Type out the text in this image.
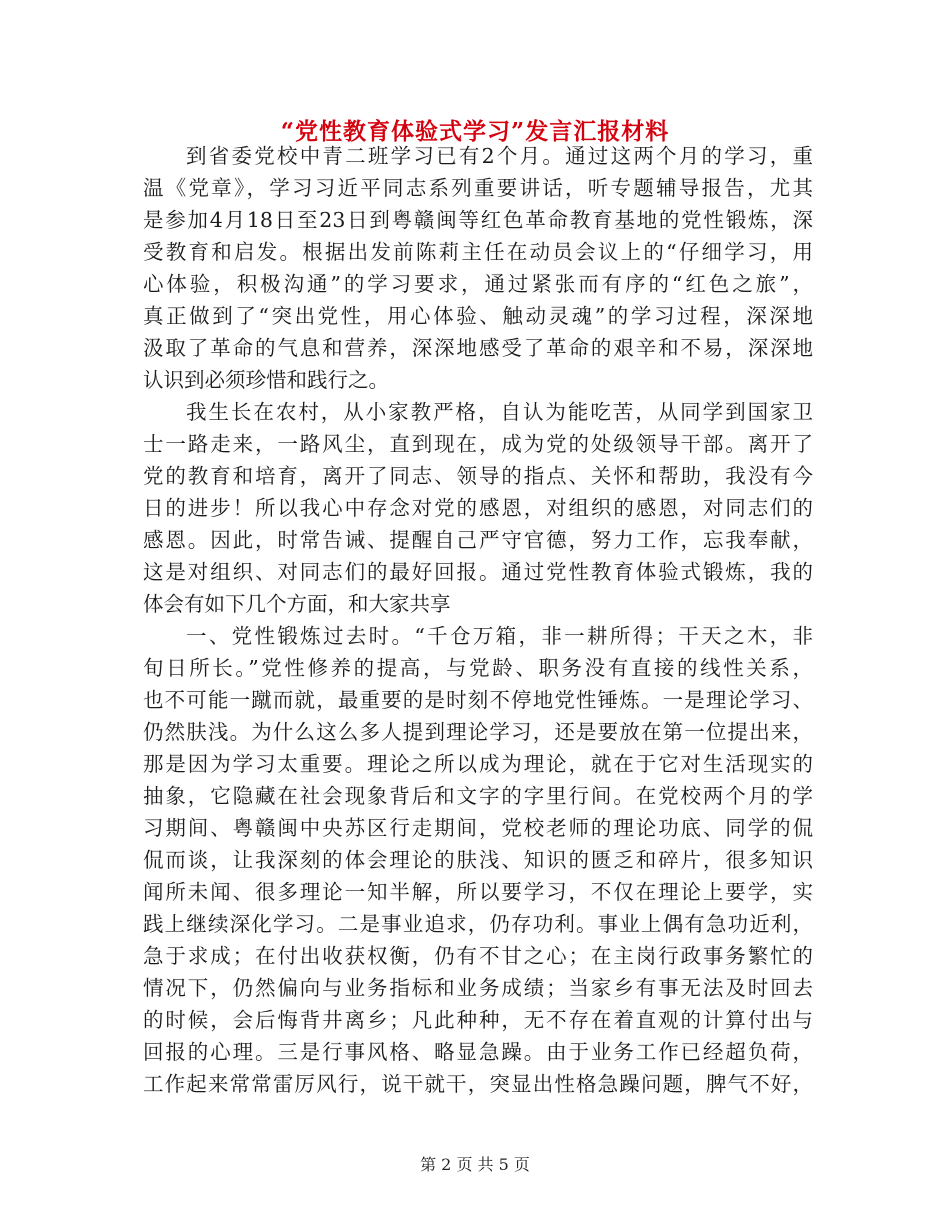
“党性教育体验式学习”发言汇报材料
到省委党校中青二班学习已有2个月。通过这两个月的学习，重
温《党章》，学习习近平同志系列重要讲话，听专题辅导报告，尤其
是参加4月18日至23日到粤赣闽等红色革命教育基地的党性锻炼，深
受教育和启发。根据出发前陈莉主任在动员会议上的“仔细学习，用
心体验，积极沟通”的学习要求，通过紧张而有序的“红色之旅”，
真正做到了“突出党性，用心体验、触动灵魂”的学习过程，深深地
汲取了革命的气息和营养，深深地感受了革命的艰辛和不易，深深地
认识到必须珍惜和践行之。
我生长在农村，从小家教严格，自认为能吃苦，从同学到国家卫
士一路走来，一路风尘，直到现在，成为党的处级领导干部。离开了
党的教育和培育，离开了同志、领导的指点、关怀和帮助，我没有今
日的进步！所以我心中存念对党的感恩，对组织的感恩，对同志们的
感恩。因此，时常告诫、提醒自己严守官德，努力工作，忘我奉献，
这是对组织、对同志们的最好回报。通过党性教育体验式锻炼，我的
体会有如下几个方面，和大家共享
一、党性锻炼过去时。“千仓万箱，非一耕所得；干天之木，非
旬日所长。”党性修养的提高，与党龄、职务没有直接的线性关系，
也不可能一蹴而就，最重要的是时刻不停地党性锤炼。一是理论学习、
仍然肤浅。为什么这么多人提到理论学习，还是要放在第一位提出来，
那是因为学习太重要。理论之所以成为理论，就在于它对生活现实的
抽象，它隐藏在社会现象背后和文字的字里行间。在党校两个月的学
习期间、粤赣闽中央苏区行走期间，党校老师的理论功底、同学的侃
侃而谈，让我深刻的体会理论的肤浅、知识的匮乏和碎片，很多知识
闻所未闻、很多理论一知半解，所以要学习，不仅在理论上要学，实
践上继续深化学习。二是事业追求，仍存功利。事业上偶有急功近利，
急于求成；在付出收获权衡，仍有不甘之心；在主岗行政事务繁忙的
情况下，仍然偏向与业务指标和业务成绩；当家乡有事无法及时回去
的时候，会后悔背井离乡；凡此种种，无不存在着直观的计算付出与
回报的心理。三是行事风格、略显急躁。由于业务工作已经超负荷，
工作起来常常雷厉风行，说干就干，突显出性格急躁问题，脾气不好，
第 2 页 共 5 页
